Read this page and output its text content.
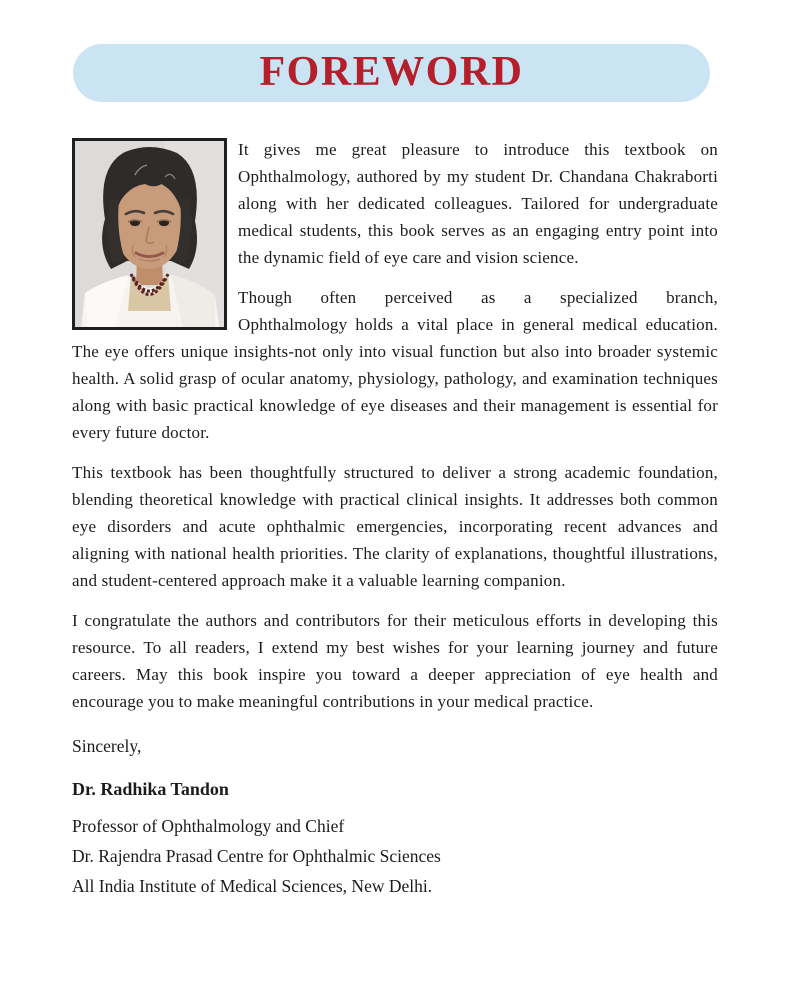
FOREWORD

It gives me great pleasure to introduce this textbook on Ophthalmology, authored by my student Dr. Chandana Chakraborti along with her dedicated colleagues. Tailored for undergraduate medical students, this book serves as an engaging entry point into the dynamic field of eye care and vision science.

Though often perceived as a specialized branch,
Ophthalmology holds a vital place in general medical education. The eye offers unique insights-not only into visual function but also into broader systemic health. A solid grasp of ocular anatomy, physiology, pathology, and examination techniques along with basic practical knowledge of eye diseases and their management is essential for every future doctor.

This textbook has been thoughtfully structured to deliver a strong academic foundation, blending theoretical knowledge with practical clinical insights. It addresses both common eye disorders and acute ophthalmic emergencies, incorporating recent advances and aligning with national health priorities. The clarity of explanations, thoughtful illustrations, and student-centered approach make it a valuable learning companion.

I congratulate the authors and contributors for their meticulous efforts in developing this resource. To all readers, I extend my best wishes for your learning journey and future careers. May this book inspire you toward a deeper appreciation of eye health and encourage you to make meaningful contributions in your medical practice.

Sincerely,
Dr. Radhika Tandon
Professor of Ophthalmology and Chief
Dr. Rajendra Prasad Centre for Ophthalmic Sciences
All India Institute of Medical Sciences, New Delhi.
